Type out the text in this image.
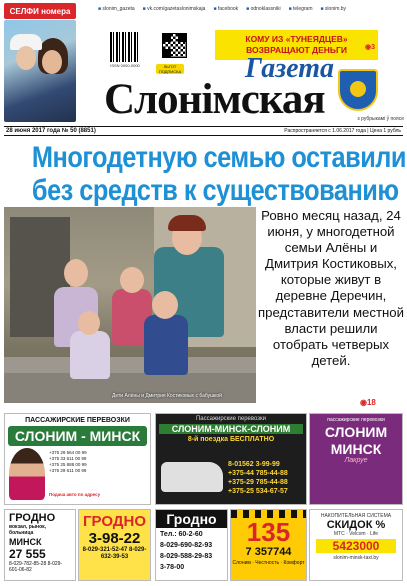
СЕЛФИ номера	■ slonim_gazeta	■ vk.com/gazetaslonimskaja	■ facebook	■ odnoklassniki	■ telegram	■ slonim.by
ISSN 0000-0000	ЛЬГОТ ПОДПИСКА
КОМУ ИЗ «ТУНЕЯДЦЕВ»
ВОЗВРАЩАЮТ ДЕНЬГИ	◉3
Газета
Слонімская	з рубрыкамі ў поясе
28 июня 2017 года № 50 (8851)	Распространяется с 1.06.2017 года | Цена 1 рубль
Многодетную семью оставили
без средств к существованию
Дети Алёны и Дмитрия Костиковых с бабушкой
Ровно месяц назад, 24 июня, у многодетной семьи Алёны и Дмитрия Костиковых, которые живут в деревне Деречин, представители местной власти решили отобрать четверых детей.
◉18
ПАССАЖИРСКИЕ ПЕРЕВОЗКИ
СЛОНИМ - МИНСК
+375 29 564 00 99
+375 33 611 00 99
+375 25 888 00 99
+375 29 611 00 99
Подача авто по адресу
Пассажирские перевозки
СЛОНИМ-МИНСК-СЛОНИМ
8-й поездка БЕСПЛАТНО
8-01562 3-99-99
+375-44 785-44-88
+375-29 785-44-88
+375-25 534-67-57
пассажирские перевозки
СЛОНИМ
МИНСК
Лакруе
ГРОДНО
вокзал, рынок, больница
МИНСК
27 555
8-029-782-85-28 8-029-601-06-82
ГРОДНО
3-98-22
8-029-321-52-47 8-029-632-39-53
Гродно
Тел.: 60-2-60
8-029-690-82-93
8-029-588-29-83
3-78-00
135
7 357744
Слоним · Честность · Комфорт
НАКОПИТЕЛЬНАЯ СИСТЕМА
СКИДОК %
МТС · Velcom · Life
5423000
slonim-minsk-taxi.by
